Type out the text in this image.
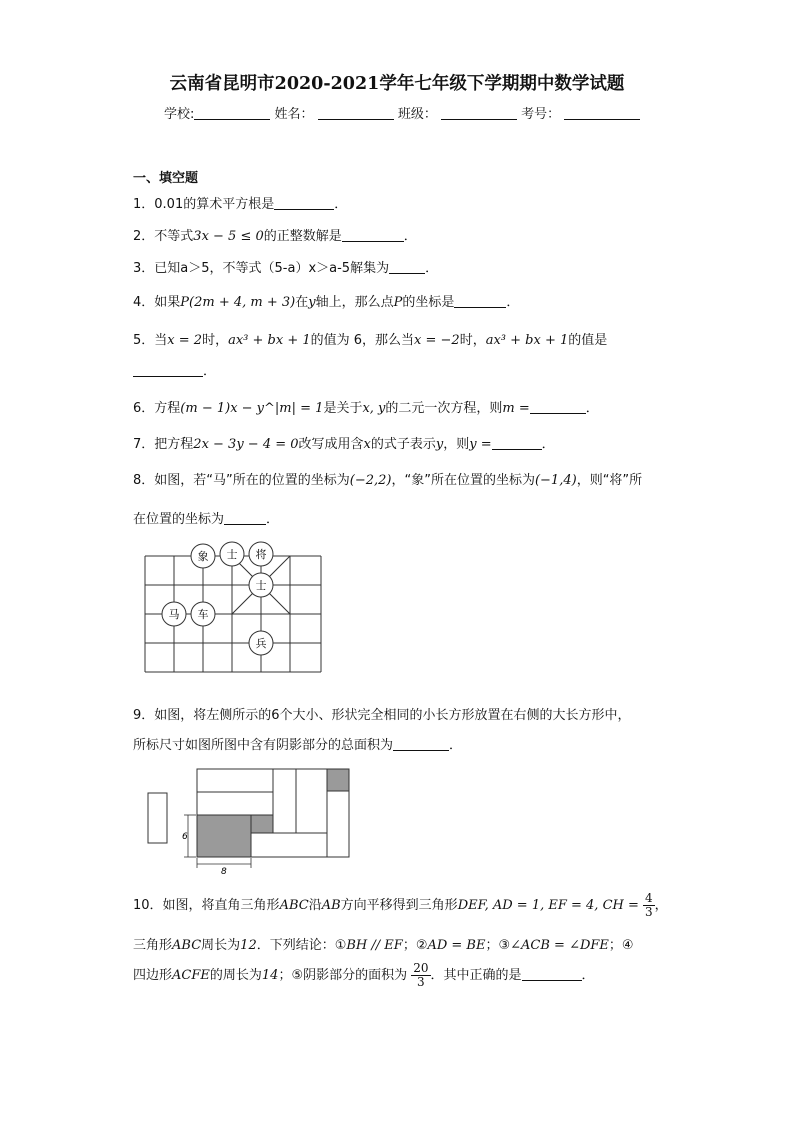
云南省昆明市2020-2021学年七年级下学期期中数学试题
学校:	姓名：	班级：	考号：
一、填空题
1．0.01的算术平方根是	．
2．不等式3x − 5 ≤ 0的正整数解是	．
3．已知a＞5，不等式（5-a）x＞a-5解集为	．
4．如果P(2m + 4, m + 3)在y轴上，那么点P的坐标是	．
5．当x = 2时，ax³ + bx + 1的值为 6，那么当x = −2时，ax³ + bx + 1的值是
．
6．方程(m − 1)x − y^|m| = 1是关于x, y的二元一次方程，则m =	．
7．把方程2x − 3y − 4 = 0改写成用含x的式子表示y，则y =	．
8．如图，若“马”所在的位置的坐标为(−2,2)，“象”所在位置的坐标为(−1,4)，则“将”所
在位置的坐标为	．
象 士 将
士
马 车
兵
9．如图，将左侧所示的6个大小、形状完全相同的小长方形放置在右侧的大长方形中，
所标尺寸如图所图中含有阴影部分的总面积为	．
6
8
10．如图，将直角三角形ABC沿AB方向平移得到三角形DEF, AD = 1, EF = 4, CH = $\frac{4}{3}$ ，
三角形ABC周长为12．下列结论：①BH // EF；②AD = BE；③∠ACB = ∠DFE；④
四边形ACFE的周长为14；⑤阴影部分的面积为 $\frac{20}{3}$ ．其中正确的是	．
